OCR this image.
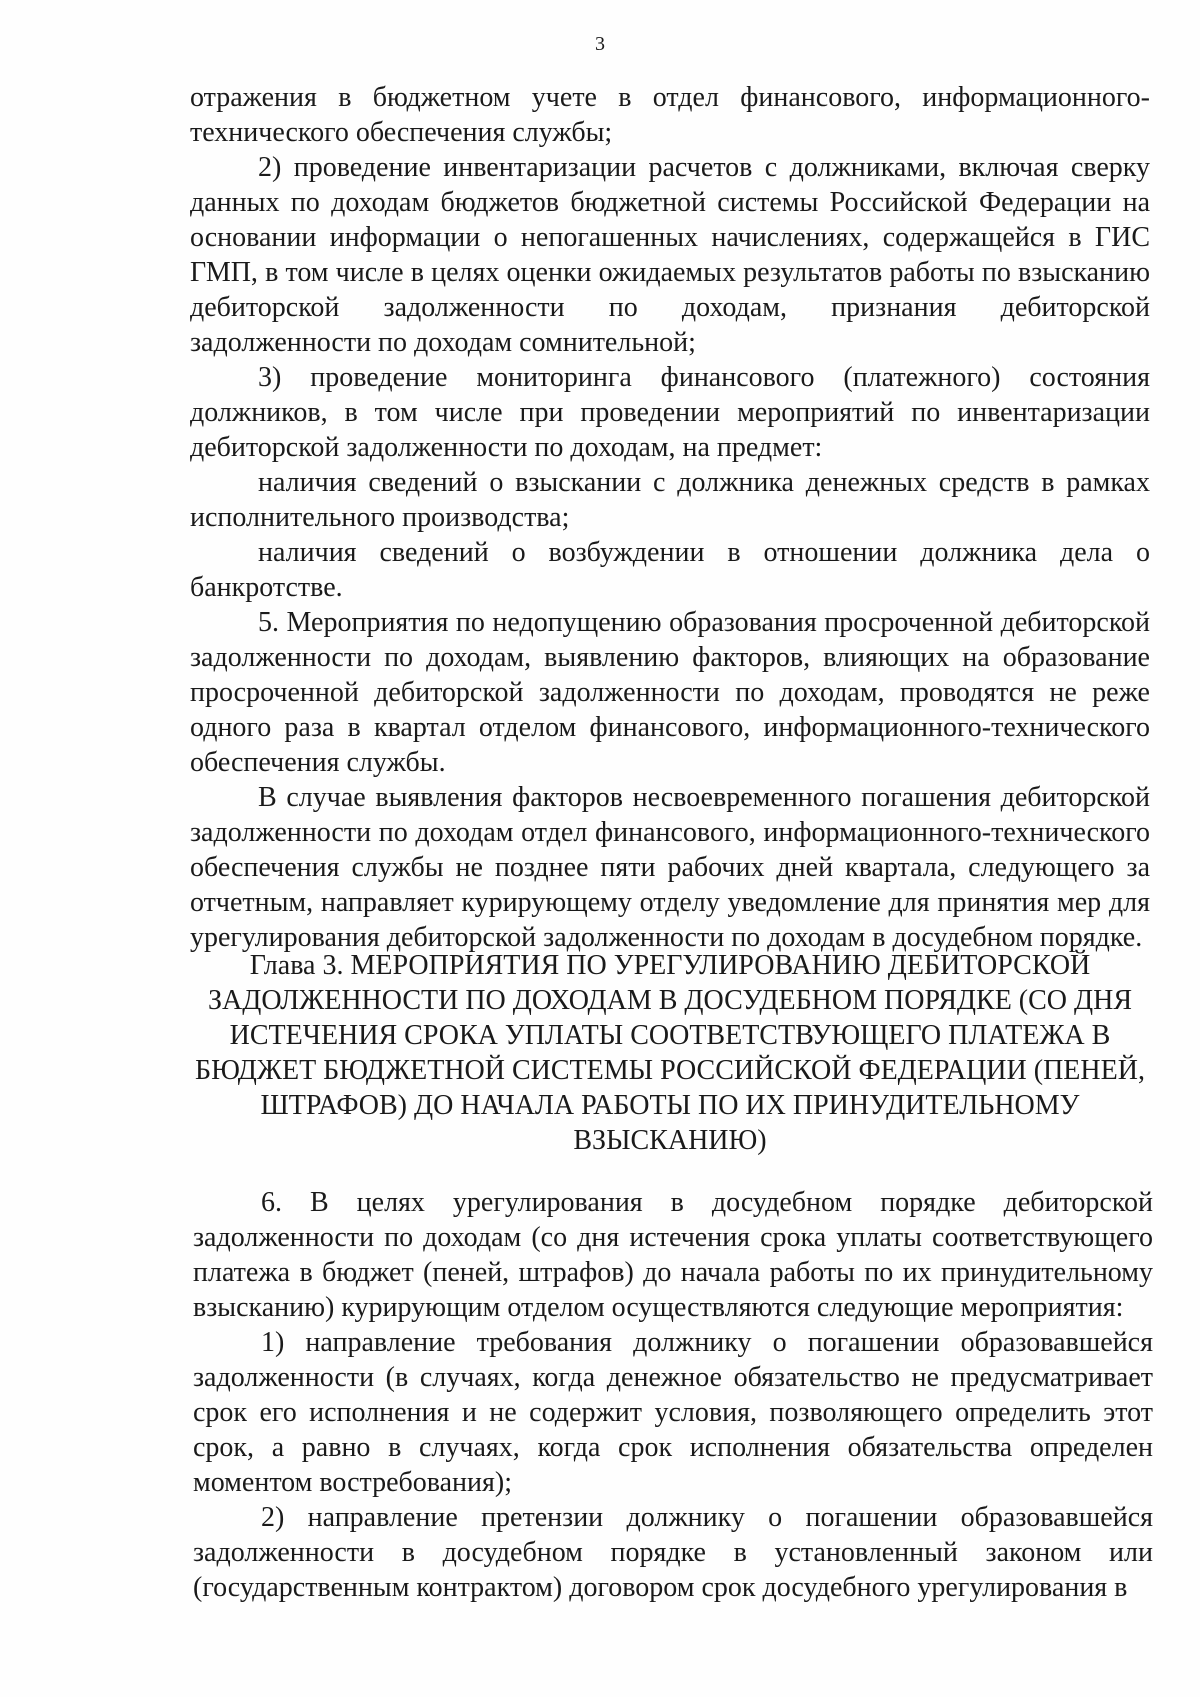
3

отражения в бюджетном учете в отдел финансового, информационного-технического обеспечения службы;

2) проведение инвентаризации расчетов с должниками, включая сверку данных по доходам бюджетов бюджетной системы Российской Федерации на основании информации о непогашенных начислениях, содержащейся в ГИС ГМП, в том числе в целях оценки ожидаемых результатов работы по взысканию дебиторской задолженности по доходам, признания дебиторской задолженности по доходам сомнительной;

3) проведение мониторинга финансового (платежного) состояния должников, в том числе при проведении мероприятий по инвентаризации дебиторской задолженности по доходам, на предмет:

наличия сведений о взыскании с должника денежных средств в рамках исполнительного производства;

наличия сведений о возбуждении в отношении должника дела о банкротстве.

5. Мероприятия по недопущению образования просроченной дебиторской задолженности по доходам, выявлению факторов, влияющих на образование просроченной дебиторской задолженности по доходам, проводятся не реже одного раза в квартал отделом финансового, информационного-технического обеспечения службы.

В случае выявления факторов несвоевременного погашения дебиторской задолженности по доходам отдел финансового, информационного-технического обеспечения службы не позднее пяти рабочих дней квартала, следующего за отчетным, направляет курирующему отделу уведомление для принятия мер для урегулирования дебиторской задолженности по доходам в досудебном порядке.

Глава 3. МЕРОПРИЯТИЯ ПО УРЕГУЛИРОВАНИЮ ДЕБИТОРСКОЙ ЗАДОЛЖЕННОСТИ ПО ДОХОДАМ В ДОСУДЕБНОМ ПОРЯДКЕ (СО ДНЯ ИСТЕЧЕНИЯ СРОКА УПЛАТЫ СООТВЕТСТВУЮЩЕГО ПЛАТЕЖА В БЮДЖЕТ БЮДЖЕТНОЙ СИСТЕМЫ РОССИЙСКОЙ ФЕДЕРАЦИИ (ПЕНЕЙ, ШТРАФОВ) ДО НАЧАЛА РАБОТЫ ПО ИХ ПРИНУДИТЕЛЬНОМУ ВЗЫСКАНИЮ)

6. В целях урегулирования в досудебном порядке дебиторской задолженности по доходам (со дня истечения срока уплаты соответствующего платежа в бюджет (пеней, штрафов) до начала работы по их принудительному взысканию) курирующим отделом осуществляются следующие мероприятия:

1) направление требования должнику о погашении образовавшейся задолженности (в случаях, когда денежное обязательство не предусматривает срок его исполнения и не содержит условия, позволяющего определить этот срок, а равно в случаях, когда срок исполнения обязательства определен моментом востребования);

2) направление претензии должнику о погашении образовавшейся задолженности в досудебном порядке в установленный законом или (государственным контрактом) договором срок досудебного урегулирования в
